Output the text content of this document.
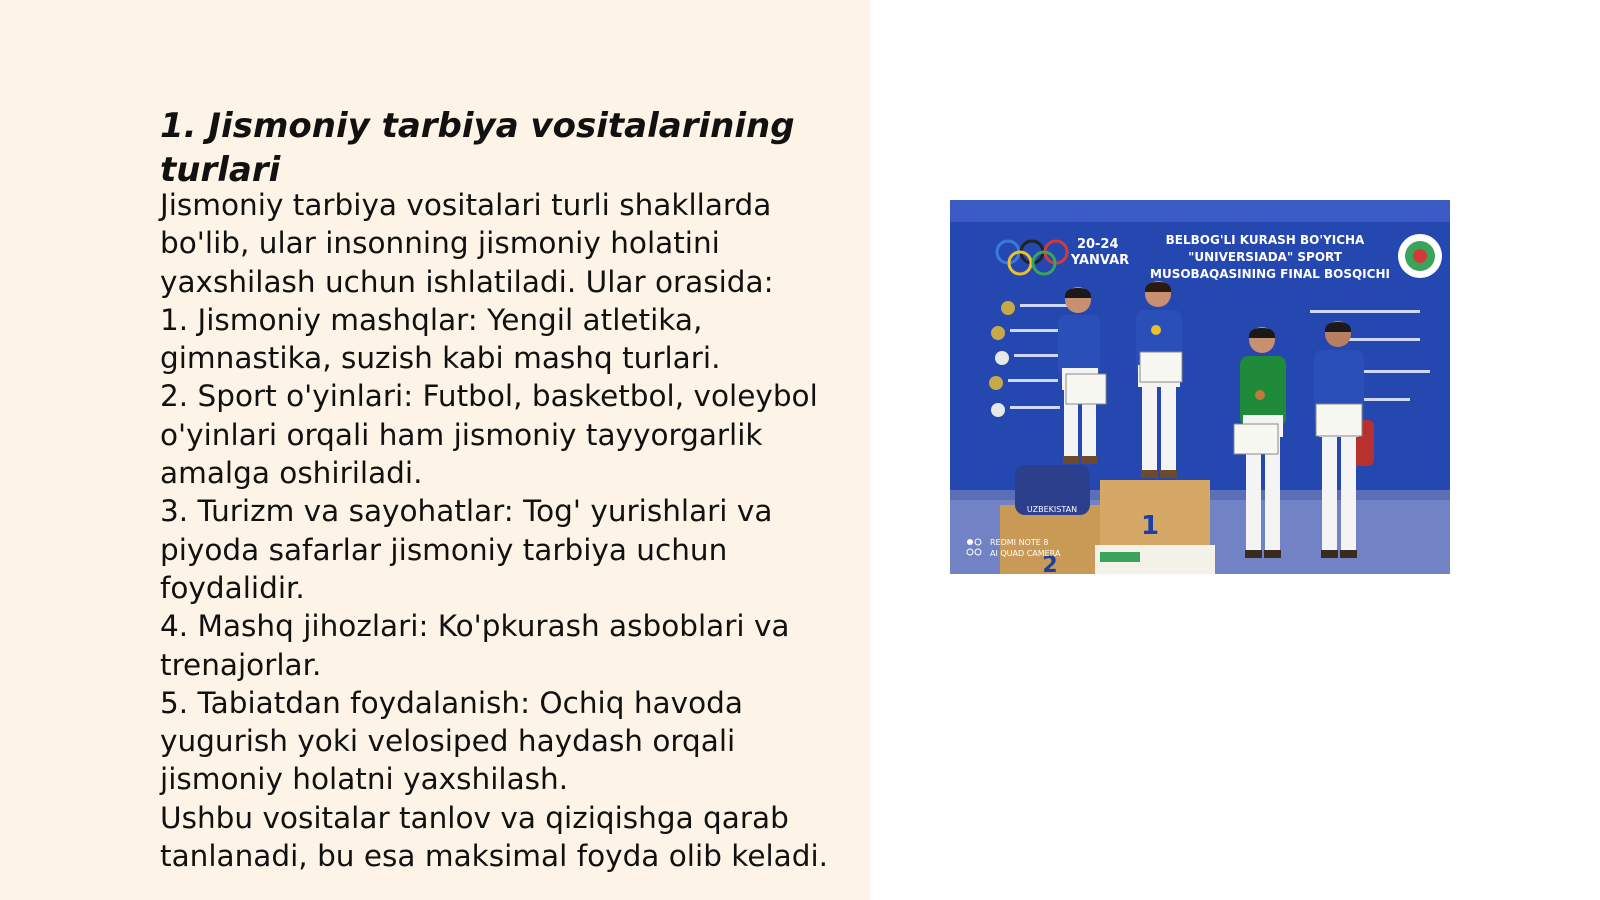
1. Jismoniy tarbiya vositalarining turlari

Jismoniy tarbiya vositalari turli shakllarda bo'lib, ular insonning jismoniy holatini yaxshilash uchun ishlatiladi. Ular orasida:

1. Jismoniy mashqlar: Yengil atletika, gimnastika, suzish kabi mashq turlari.

2. Sport o'yinlari: Futbol, basketbol, voleybol o'yinlari orqali ham jismoniy tayyorgarlik amalga oshiriladi.

3. Turizm va sayohatlar: Tog' yurishlari va piyoda safarlar jismoniy tarbiya uchun foydalidir.

4. Mashq jihozlari: Ko'pkurash asboblari va trenajorlar.

5. Tabiatdan foydalanish: Ochiq havoda yugurish yoki velosiped haydash orqali jismoniy holatni yaxshilash.

Ushbu vositalar tanlov va qiziqishga qarab tanlanadi, bu esa maksimal foyda olib keladi.

20-24 YANVAR
BELBOG'LI KURASH BO'YICHA
"UNIVERSIADA" SPORT
MUSOBAQASINING FINAL BOSQICHI
1
2
UZBEKISTAN
REDMI NOTE 8
AI QUAD CAMERA
